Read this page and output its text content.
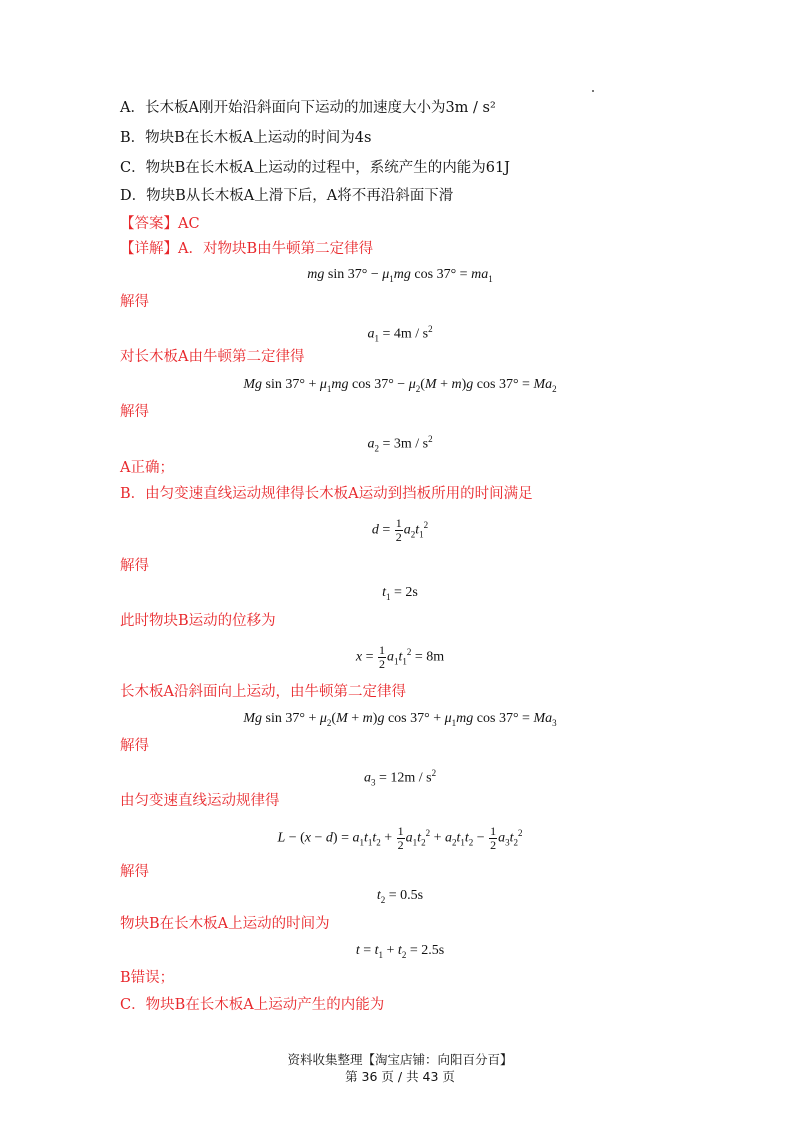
A．长木板A刚开始沿斜面向下运动的加速度大小为3m / s²
B．物块B在长木板A上运动的时间为4s
C．物块B在长木板A上运动的过程中，系统产生的内能为61J
D．物块B从长木板A上滑下后，A将不再沿斜面下滑
【答案】AC
【详解】A．对物块B由牛顿第二定律得
mg $\sin 37^\circ - \mu_1mg$ $\cos 37^\circ = ma_1$
解得
$a_1 = 4m / s^2$
对长木板A由牛顿第二定律得
Mg $\sin 37^\circ + \mu_1mg$ $\cos 37^\circ - \mu_2(M + m)g$ $\cos 37^\circ = Ma_2$
解得
$a_2 = 3m / s^2$
A正确；
B．由匀变速直线运动规律得长木板A运动到挡板所用的时间满足
$d = \frac{1}{2} a_2t_1^2$
解得
$t_1 = 2s$
此时物块B运动的位移为
$x = \frac{1}{2} a_1t_1^2 = 8m$
长木板A沿斜面向上运动，由牛顿第二定律得
Mg $\sin 37^\circ + \mu_2(M + m)g$ $\cos 37^\circ + \mu_1mg$ $\cos 37^\circ = Ma_3$
解得
$a_3 = 12m / s^2$
由匀变速直线运动规律得
$L - (x - d) = a_1t_1t_2 + \frac{1}{2} a_1t_2^2 + a_2t_1t_2 - \frac{1}{2} a_3t_2^2$
解得
$t_2 = 0.5s$
物块B在长木板A上运动的时间为
$t = t_1 + t_2 = 2.5s$
B错误；
C．物块B在长木板A上运动产生的内能为
资料收集整理【淘宝店铺：向阳百分百】
第 36 页 / 共 43 页
